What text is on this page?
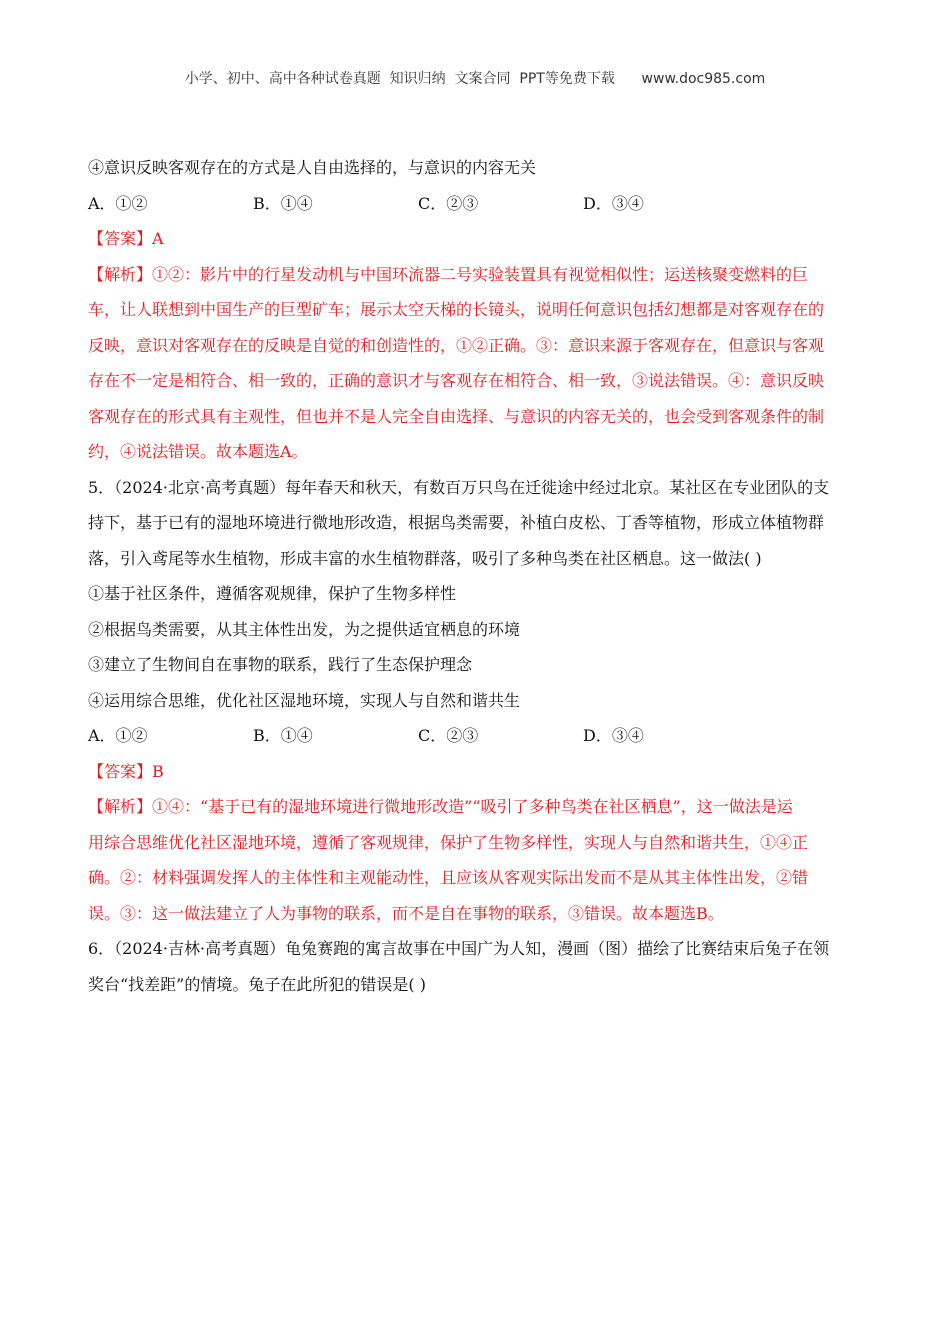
小学、初中、高中各种试卷真题  知识归纳  文案合同  PPT等免费下载 www.doc985.com
④意识反映客观存在的方式是人自由选择的，与意识的内容无关
A．①②	B．①④	C．②③	D．③④
【答案】A
【解析】①②：影片中的行星发动机与中国环流器二号实验装置具有视觉相似性；运送核聚变燃料的巨
车，让人联想到中国生产的巨型矿车；展示太空天梯的长镜头，说明任何意识包括幻想都是对客观存在的
反映，意识对客观存在的反映是自觉的和创造性的，①②正确。③：意识来源于客观存在，但意识与客观
存在不一定是相符合、相一致的，正确的意识才与客观存在相符合、相一致，③说法错误。④：意识反映
客观存在的形式具有主观性，但也并不是人完全自由选择、与意识的内容无关的，也会受到客观条件的制
约，④说法错误。故本题选A。
5．（2024·北京·高考真题）每年春天和秋天，有数百万只鸟在迁徙途中经过北京。某社区在专业团队的支
持下，基于已有的湿地环境进行微地形改造，根据鸟类需要，补植白皮松、丁香等植物，形成立体植物群
落，引入鸢尾等水生植物，形成丰富的水生植物群落，吸引了多种鸟类在社区栖息。这一做法( )
①基于社区条件，遵循客观规律，保护了生物多样性
②根据鸟类需要，从其主体性出发，为之提供适宜栖息的环境
③建立了生物间自在事物的联系，践行了生态保护理念
④运用综合思维，优化社区湿地环境，实现人与自然和谐共生
A．①②	B．①④	C．②③	D．③④
【答案】B
【解析】①④：“基于已有的湿地环境进行微地形改造”“吸引了多种鸟类在社区栖息”，这一做法是运
用综合思维优化社区湿地环境，遵循了客观规律，保护了生物多样性，实现人与自然和谐共生，①④正
确。②：材料强调发挥人的主体性和主观能动性，且应该从客观实际出发而不是从其主体性出发，②错
误。③：这一做法建立了人为事物的联系，而不是自在事物的联系，③错误。故本题选B。
6．（2024·吉林·高考真题）龟兔赛跑的寓言故事在中国广为人知，漫画（图）描绘了比赛结束后兔子在领
奖台“找差距”的情境。兔子在此所犯的错误是( )
